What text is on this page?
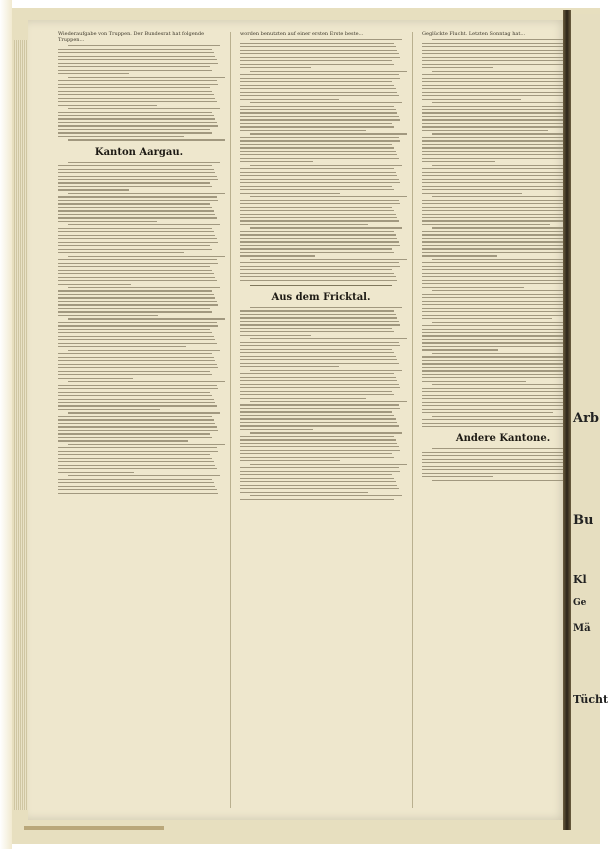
Wiederaufgabe von Truppen. Der Bundesrat hat folgende Truppen...
Kanton Aargau.
worden benutzten auf einer ersten Erste beste...
Aus dem Fricktal.
Geglückte Flucht. Letzten Sonntag hat...
Andere Kantone.
Arb
Bu
Kl
Ge
Mä
Tücht
